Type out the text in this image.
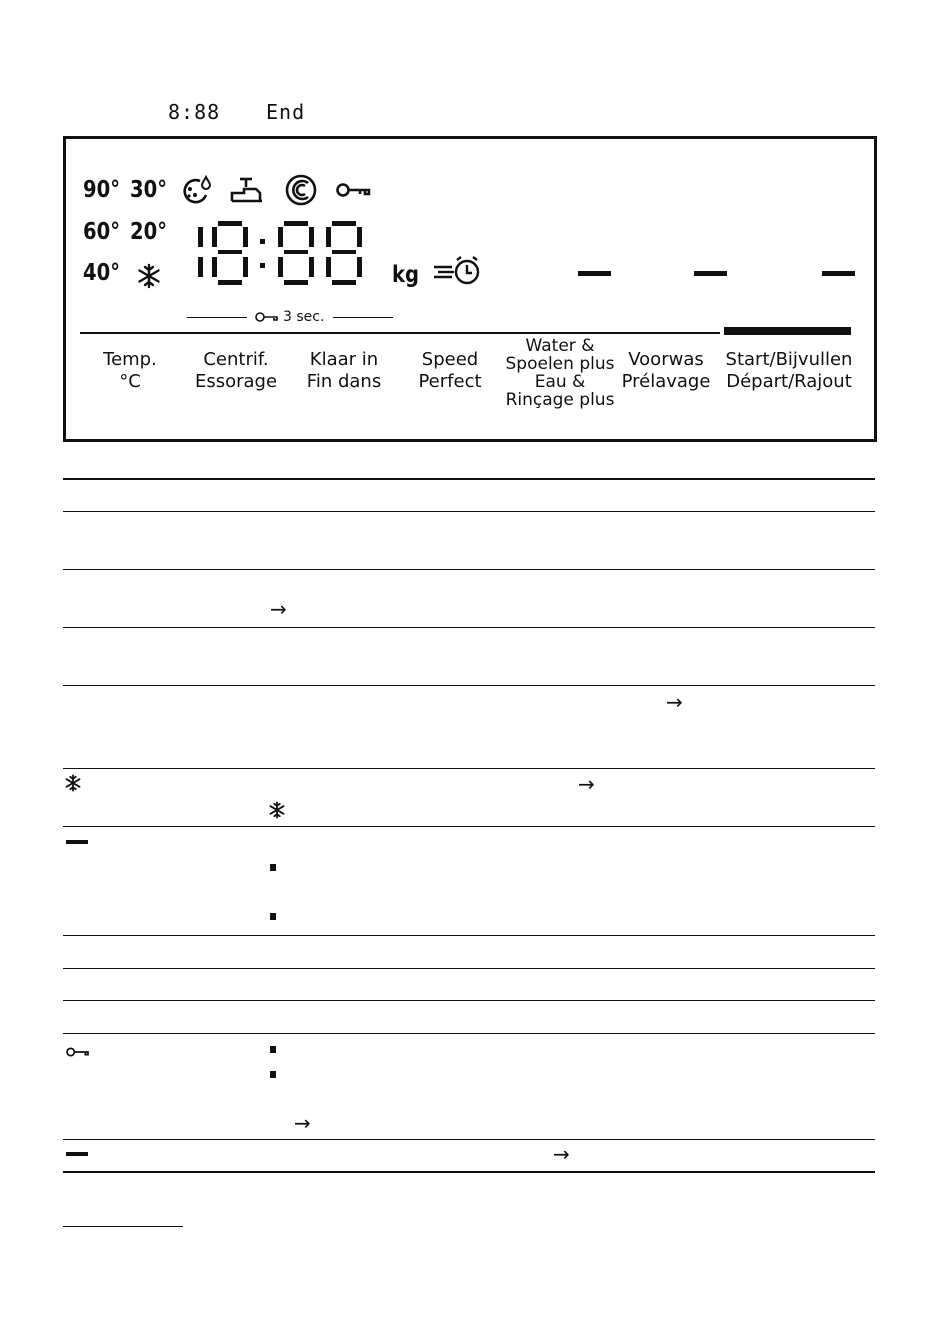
8:88 End
90° 30°
60° 20°
40°	kg
3 sec.
Temp.
°C
Centrif.
Essorage
Klaar in
Fin dans
Speed
Perfect
Water &
Spoelen plus
Eau &
Rinçage plus
Voorwas
Prélavage
Start/Bijvullen
Départ/Rajout
→
→
→
→
→
